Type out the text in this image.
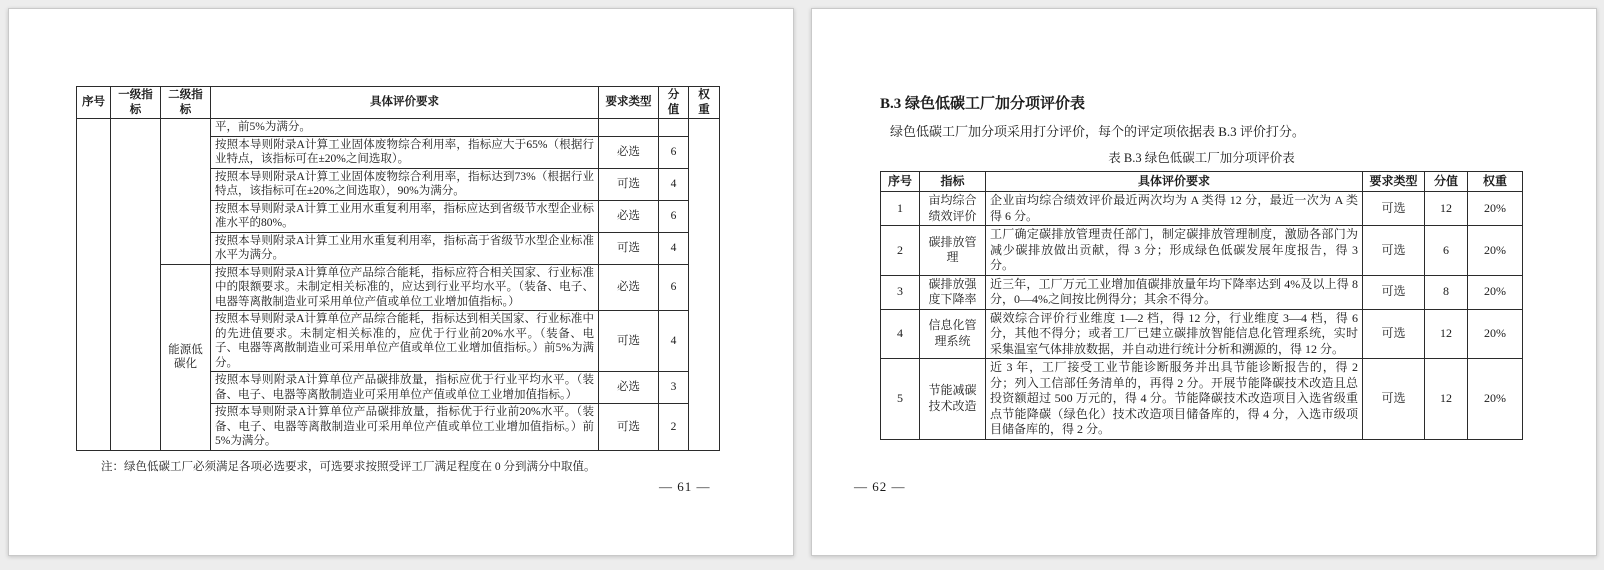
序号	一级指标	二级指标	具体评价要求	要求类型	分值	权重
			平，前5%为满分。			
			按照本导则附录A计算工业固体废物综合利用率，指标应大于65%（根据行业特点，该指标可在±20%之间选取）。	必选	6	
			按照本导则附录A计算工业固体废物综合利用率，指标达到73%（根据行业特点，该指标可在±20%之间选取），90%为满分。	可选	4	
			按照本导则附录A计算工业用水重复利用率，指标应达到省级节水型企业标准水平的80%。	必选	6	
			按照本导则附录A计算工业用水重复利用率，指标高于省级节水型企业标准水平为满分。	可选	4	
		能源低碳化	按照本导则附录A计算单位产品综合能耗，指标应符合相关国家、行业标准中的限额要求。未制定相关标准的，应达到行业平均水平。（装备、电子、电器等离散制造业可采用单位产值或单位工业增加值指标。）	必选	6	
			按照本导则附录A计算单位产品综合能耗，指标达到相关国家、行业标准中的先进值要求。未制定相关标准的，应优于行业前20%水平。（装备、电子、电器等离散制造业可采用单位产值或单位工业增加值指标。）前5%为满分。	可选	4	
			按照本导则附录A计算单位产品碳排放量，指标应优于行业平均水平。（装备、电子、电器等离散制造业可采用单位产值或单位工业增加值指标。）	必选	3	
			按照本导则附录A计算单位产品碳排放量，指标优于行业前20%水平。（装备、电子、电器等离散制造业可采用单位产值或单位工业增加值指标。）前5%为满分。	可选	2	
注：绿色低碳工厂必须满足各项必选要求，可选要求按照受评工厂满足程度在 0 分到满分中取值。
— 61 —
B.3 绿色低碳工厂加分项评价表

绿色低碳工厂加分项采用打分评价，每个的评定项依据表 B.3 评价打分。

表 B.3 绿色低碳工厂加分项评价表
序号	指标	具体评价要求	要求类型	分值	权重
1	亩均综合绩效评价	企业亩均综合绩效评价最近两次均为 A 类得 12 分，最近一次为 A 类得 6 分。	可选	12	20%
2	碳排放管理	工厂确定碳排放管理责任部门，制定碳排放管理制度，激励各部门为减少碳排放做出贡献，得 3 分；形成绿色低碳发展年度报告，得 3 分。	可选	6	20%
3	碳排放强度下降率	近三年，工厂万元工业增加值碳排放量年均下降率达到 4%及以上得 8 分，0—4%之间按比例得分；其余不得分。	可选	8	20%
4	信息化管理系统	碳效综合评价行业维度 1—2 档，得 12 分，行业维度 3—4 档，得 6 分，其他不得分；或者工厂已建立碳排放智能信息化管理系统，实时采集温室气体排放数据，并自动进行统计分析和溯源的，得 12 分。	可选	12	20%
5	节能减碳技术改造	近 3 年，工厂接受工业节能诊断服务并出具节能诊断报告的，得 2 分；列入工信部任务清单的，再得 2 分。开展节能降碳技术改造且总投资额超过 500 万元的，得 4 分。节能降碳技术改造项目入选省级重点节能降碳（绿色化）技术改造项目储备库的，得 4 分，入选市级项目储备库的，得 2 分。	可选	12	20%
— 62 —
